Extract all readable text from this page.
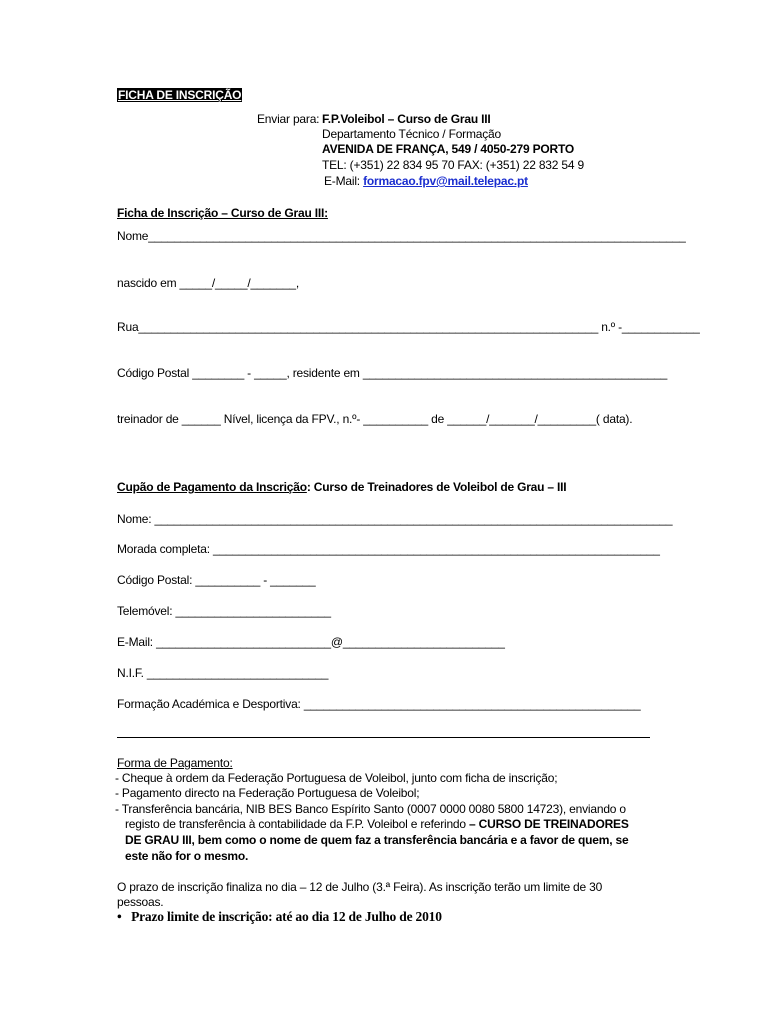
FICHA DE INSCRIÇÃO
Enviar para: F.P.Voleibol – Curso de Grau III
Departamento Técnico / Formação
AVENIDA DE FRANÇA, 549 / 4050-279 PORTO
TEL: (+351) 22 834 95 70 FAX: (+351) 22 832 54 9
E-Mail: formacao.fpv@mail.telepac.pt
Ficha de Inscrição – Curso de Grau III:
Nome___________________________________________________________________________________
nascido em _____/_____/_______,
Rua_______________________________________________________________________ n.º -____________
Código Postal ________ - _____, residente em _______________________________________________
treinador de ______ Nível, licença da FPV., n.º- __________ de ______/_______/_________( data).
Cupão de Pagamento da Inscrição: Curso de Treinadores de Voleibol de Grau – III
Nome: ________________________________________________________________________________
Morada completa: _____________________________________________________________________
Código Postal: __________ - _______
Telemóvel: ________________________
E-Mail: ___________________________@_________________________
N.I.F. ____________________________
Formação Académica e Desportiva: ____________________________________________________
Forma de Pagamento:
- Cheque à ordem da Federação Portuguesa de Voleibol, junto com ficha de inscrição;
- Pagamento directo na Federação Portuguesa de Voleibol;
- Transferência bancária, NIB BES Banco Espírito Santo (0007 0000 0080 5800 14723), enviando o
registo de transferência à contabilidade da F.P. Voleibol e referindo – CURSO DE TREINADORES
DE GRAU III, bem como o nome de quem faz a transferência bancária e a favor de quem, se
este não for o mesmo.
O prazo de inscrição finaliza no dia – 12 de Julho (3.ª Feira). As inscrição terão um limite de 30
pessoas.
• Prazo limite de inscrição: até ao dia 12 de Julho de 2010
